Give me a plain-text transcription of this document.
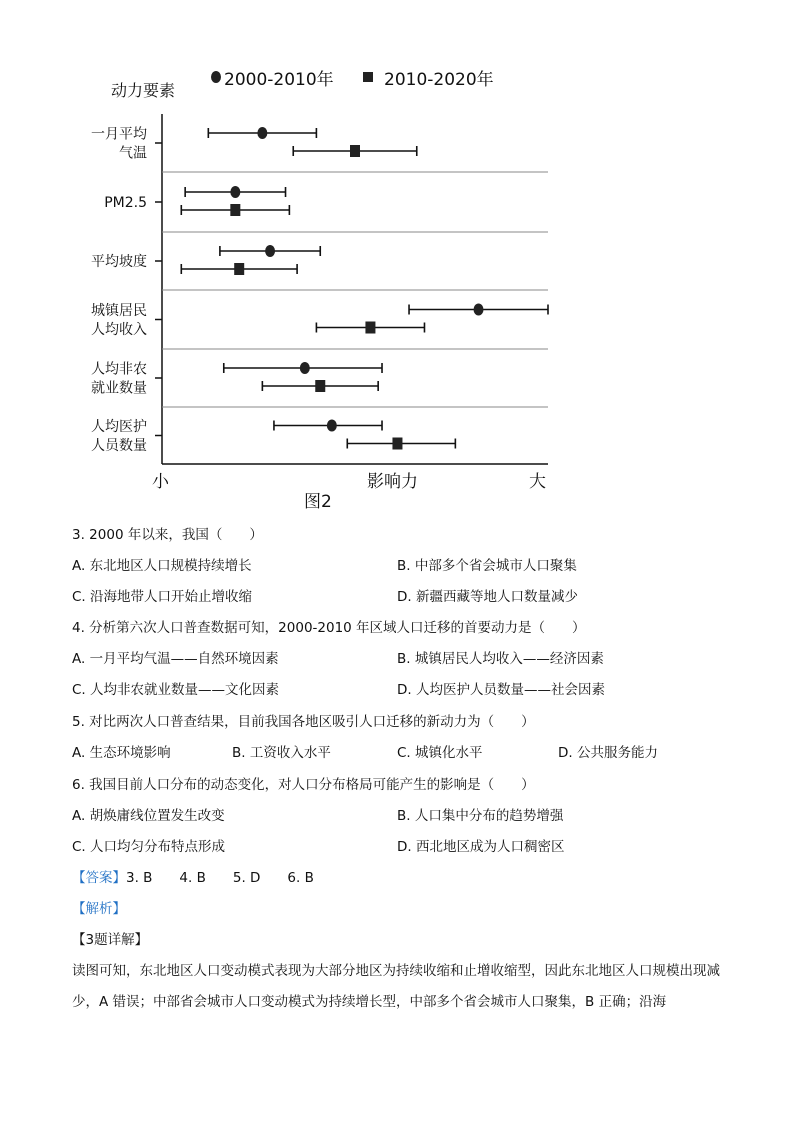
2000-2010年	2010-2020年
动力要素
一月平均
气温
PM2.5
平均坡度
城镇居民
人均收入
人均非农
就业数量
人均医护
人员数量
小	影响力	大
图2
3. 2000 年以来，我国（　　）
A. 东北地区人口规模持续增长	B. 中部多个省会城市人口聚集
C. 沿海地带人口开始止增收缩	D. 新疆西藏等地人口数量减少
4. 分析第六次人口普查数据可知，2000-2010 年区域人口迁移的首要动力是（　　）
A. 一月平均气温——自然环境因素	B. 城镇居民人均收入——经济因素
C. 人均非农就业数量——文化因素	D. 人均医护人员数量——社会因素
5. 对比两次人口普查结果，目前我国各地区吸引人口迁移的新动力为（　　）
A. 生态环境影响	B. 工资收入水平	C. 城镇化水平	D. 公共服务能力
6. 我国目前人口分布的动态变化，对人口分布格局可能产生的影响是（　　）
A. 胡焕庸线位置发生改变	B. 人口集中分布的趋势增强
C. 人口均匀分布特点形成	D. 西北地区成为人口稠密区
【答案】3. B　　4. B　　5. D　　6. B
【解析】
【3题详解】
读图可知，东北地区人口变动模式表现为大部分地区为持续收缩和止增收缩型，因此东北地区人口规模出现减少，A 错误；中部省会城市人口变动模式为持续增长型，中部多个省会城市人口聚集，B 正确；沿海
